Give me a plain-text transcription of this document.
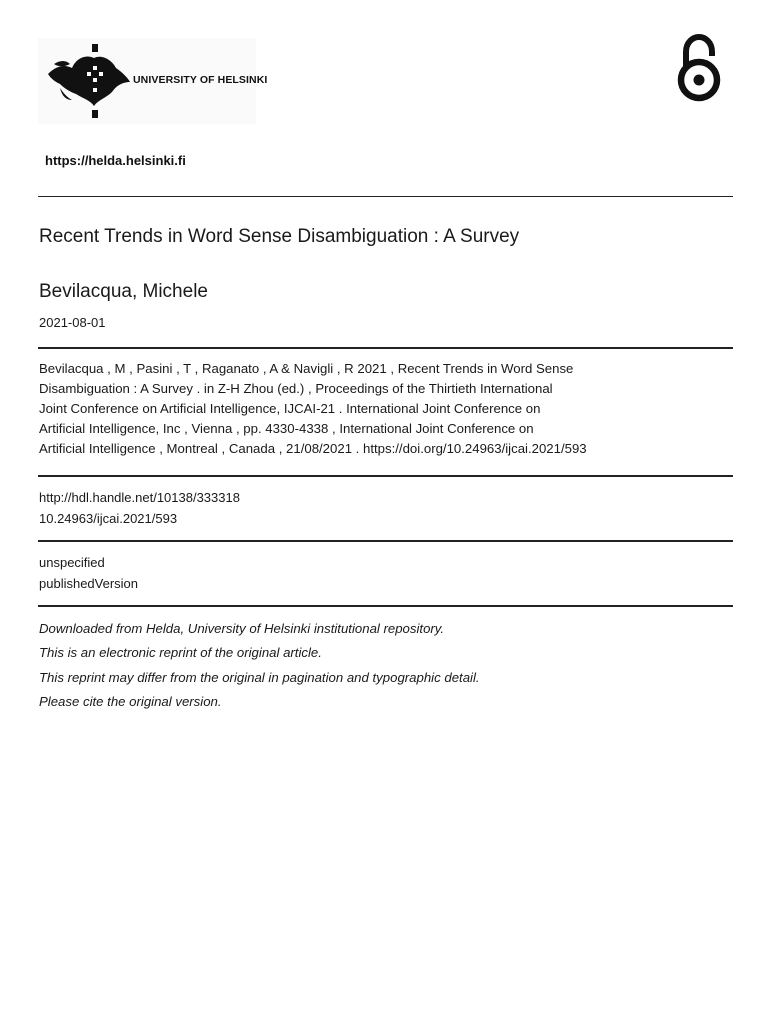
UNIVERSITY OF HELSINKI
https://helda.helsinki.fi
Recent Trends in Word Sense Disambiguation : A Survey
Bevilacqua, Michele
2021-08-01
Bevilacqua , M , Pasini , T , Raganato , A & Navigli , R 2021 , Recent Trends in Word Sense
Disambiguation : A Survey . in Z-H Zhou (ed.) , Proceedings of the Thirtieth International
Joint Conference on Artificial Intelligence, IJCAI-21 . International Joint Conference on
Artificial Intelligence, Inc , Vienna , pp. 4330-4338 , International Joint Conference on
Artificial Intelligence , Montreal , Canada , 21/08/2021 . https://doi.org/10.24963/ijcai.2021/593
http://hdl.handle.net/10138/333318
10.24963/ijcai.2021/593
unspecified
publishedVersion
Downloaded from Helda, University of Helsinki institutional repository.
This is an electronic reprint of the original article.
This reprint may differ from the original in pagination and typographic detail.
Please cite the original version.
